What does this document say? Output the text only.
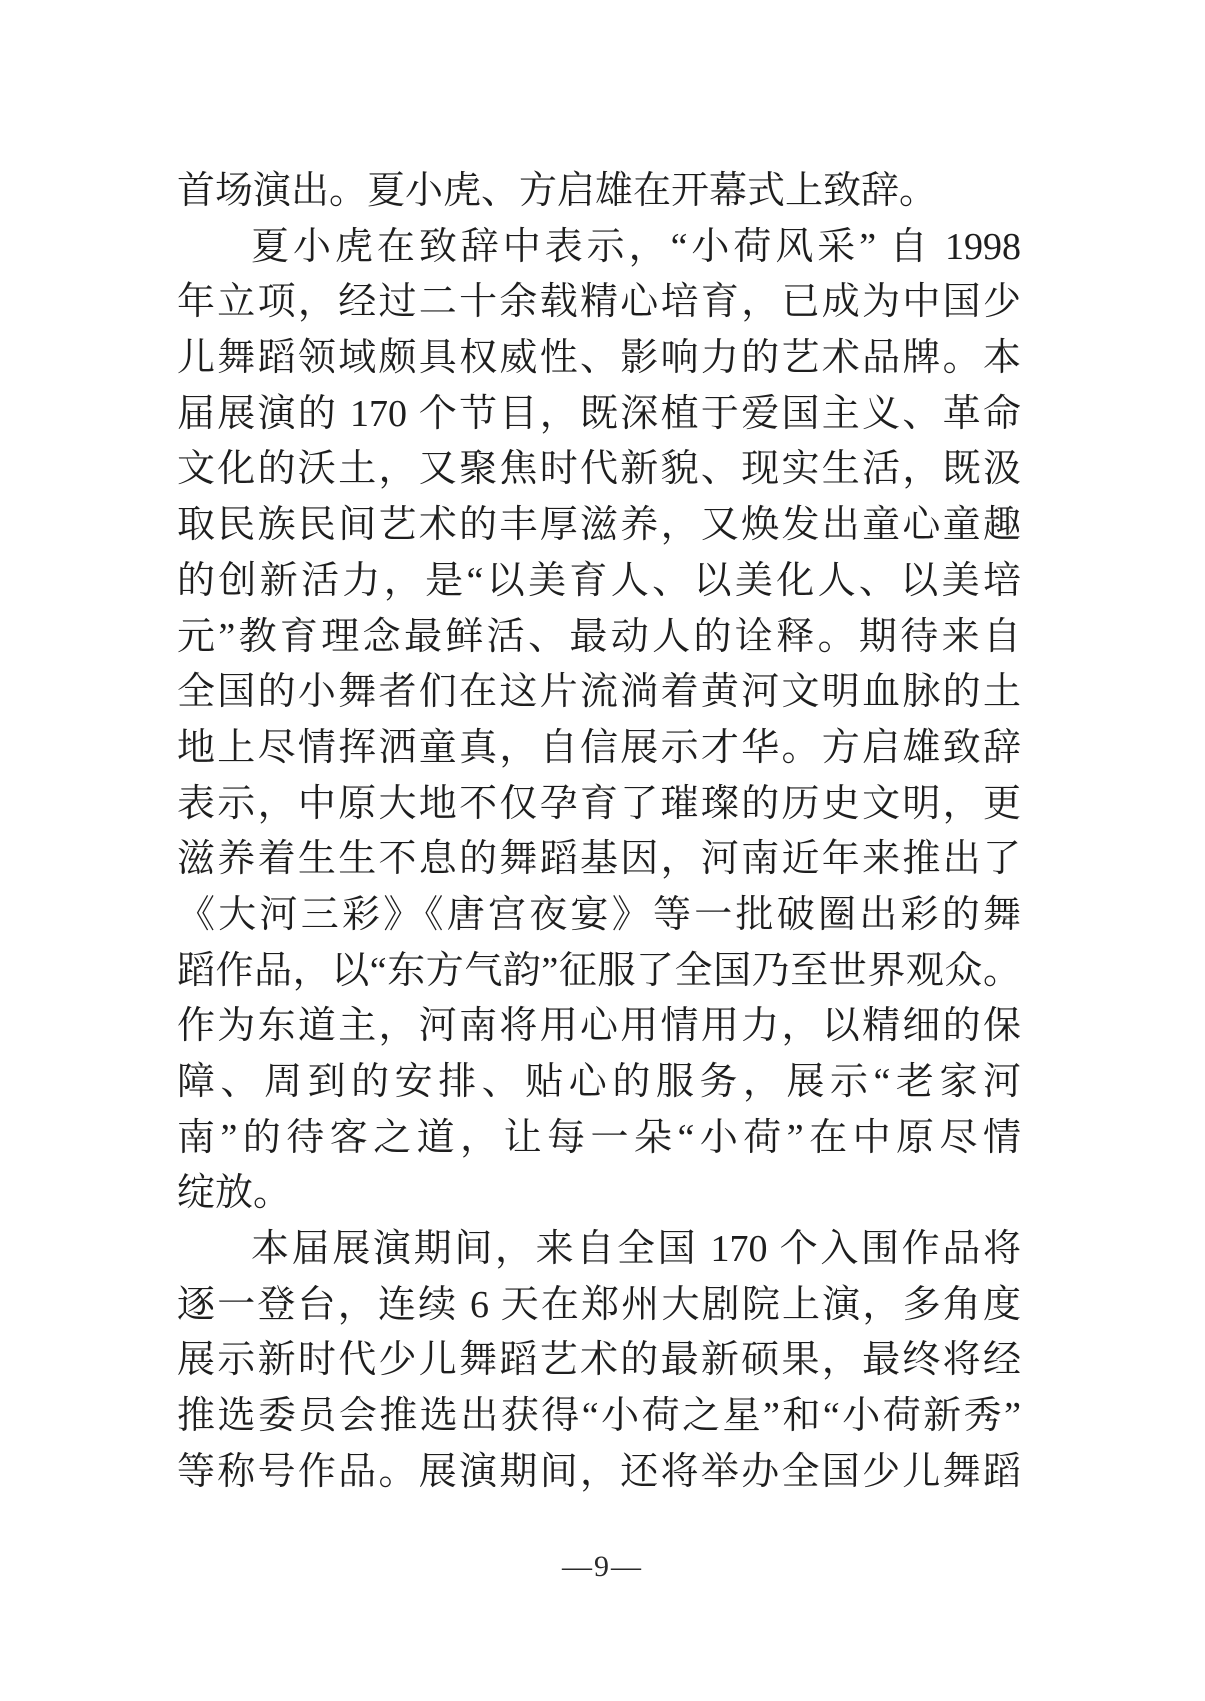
首场演出。夏小虎、方启雄在开幕式上致辞。
夏小虎在致辞中表示，“小荷风采” 自 1998
年立项，经过二十余载精心培育，已成为中国少
儿舞蹈领域颇具权威性、影响力的艺术品牌。本
届展演的 170 个节目，既深植于爱国主义、革命
文化的沃土，又聚焦时代新貌、现实生活，既汲
取民族民间艺术的丰厚滋养，又焕发出童心童趣
的创新活力，是“以美育人、以美化人、以美培
元”教育理念最鲜活、最动人的诠释。期待来自
全国的小舞者们在这片流淌着黄河文明血脉的土
地上尽情挥洒童真，自信展示才华。方启雄致辞
表示，中原大地不仅孕育了璀璨的历史文明，更
滋养着生生不息的舞蹈基因，河南近年来推出了
《大河三彩》《唐宫夜宴》等一批破圈出彩的舞
蹈作品，以“东方气韵”征服了全国乃至世界观众。
作为东道主，河南将用心用情用力，以精细的保
障、周到的安排、贴心的服务，展示“老家河
南”的待客之道，让每一朵“小荷”在中原尽情
绽放。
本届展演期间，来自全国 170 个入围作品将
逐一登台，连续 6 天在郑州大剧院上演，多角度
展示新时代少儿舞蹈艺术的最新硕果，最终将经
推选委员会推选出获得“小荷之星”和“小荷新秀”
等称号作品。展演期间，还将举办全国少儿舞蹈
—9—
